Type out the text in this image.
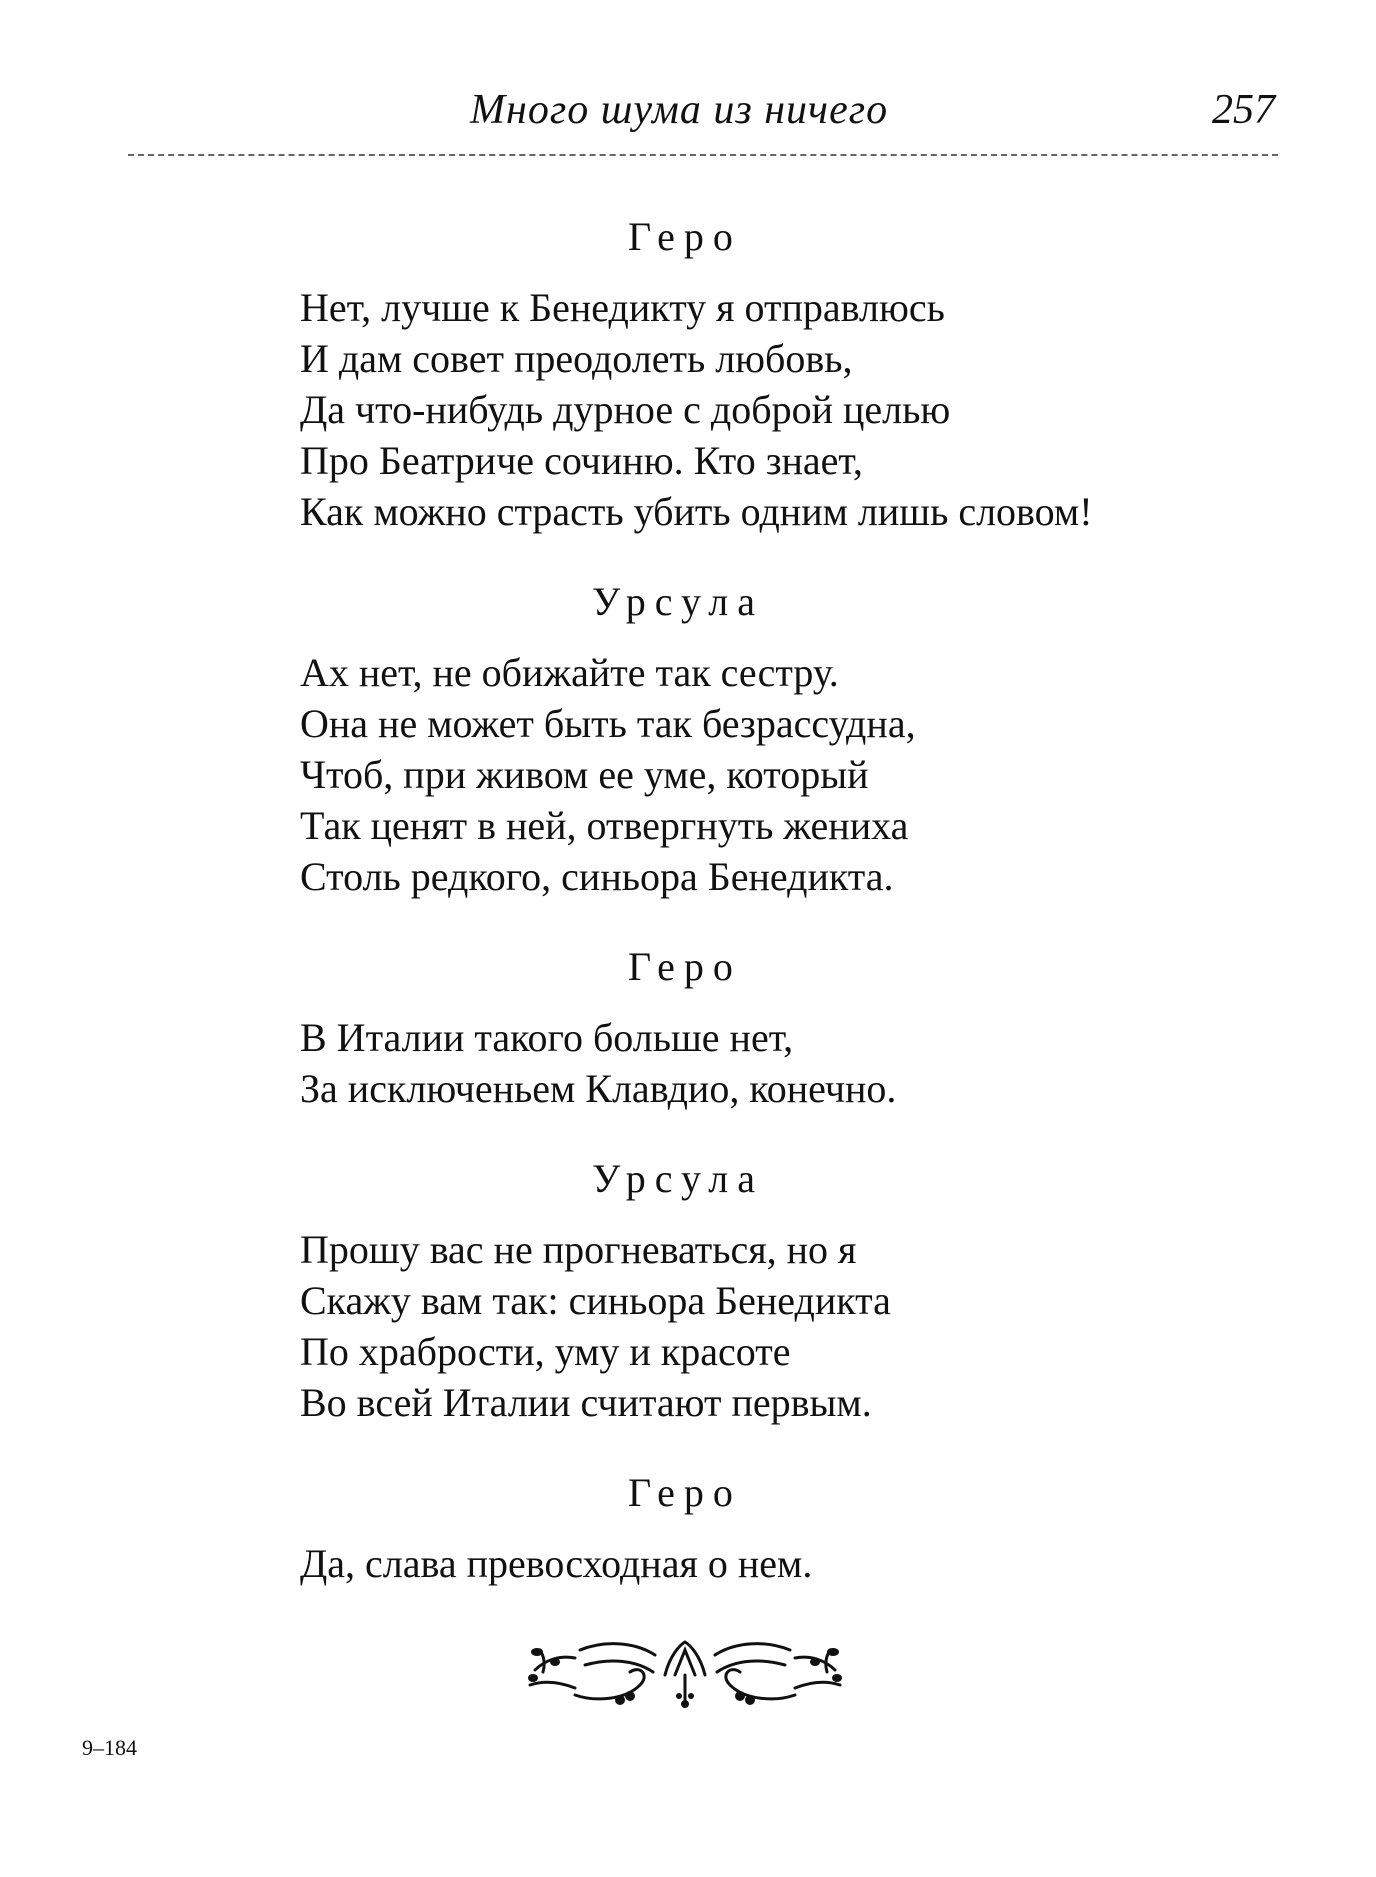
Много шума из ничего	257
Геро
Нет, лучше к Бенедикту я отправлюсь
И дам совет преодолеть любовь,
Да что-нибудь дурное с доброй целью
Про Беатриче сочиню. Кто знает,
Как можно страсть убить одним лишь словом!
Урсула
Ах нет, не обижайте так сестру.
Она не может быть так безрассудна,
Чтоб, при живом ее уме, который
Так ценят в ней, отвергнуть жениха
Столь редкого, синьора Бенедикта.
Геро
В Италии такого больше нет,
За исключеньем Клавдио, конечно.
Урсула
Прошу вас не прогневаться, но я
Скажу вам так: синьора Бенедикта
По храбрости, уму и красоте
Во всей Италии считают первым.
Геро
Да, слава превосходная о нем.
9–184
